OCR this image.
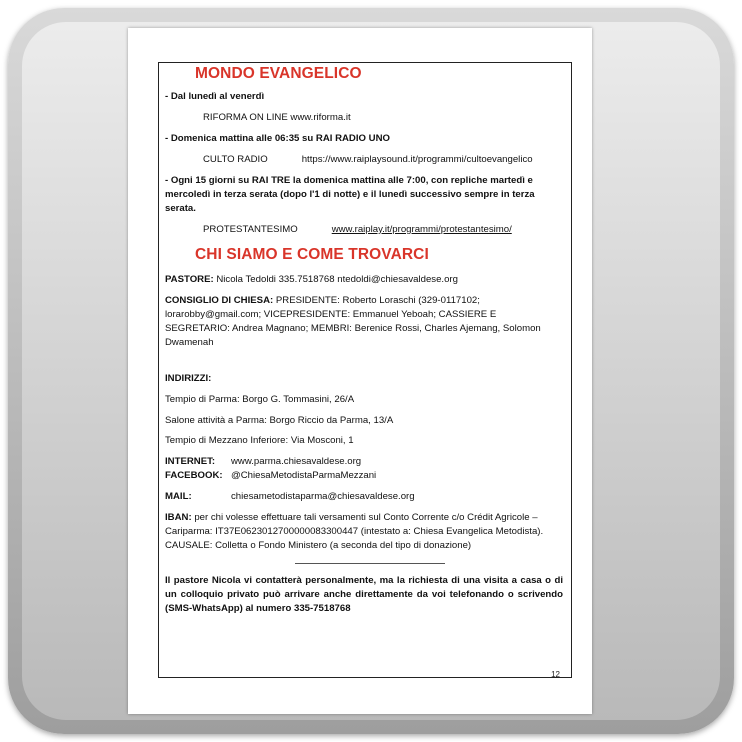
MONDO EVANGELICO

- Dal lunedì al venerdì

RIFORMA ON LINE www.riforma.it

- Domenica mattina alle 06:35 su RAI RADIO UNO

CULTO RADIO	https://www.raiplaysound.it/programmi/cultoevangelico

- Ogni 15 giorni su RAI TRE la domenica mattina alle 7:00, con repliche martedì e mercoledì in terza serata (dopo l'1 di notte) e il lunedì successivo sempre in terza serata.

PROTESTANTESIMO	www.raiplay.it/programmi/protestantesimo/

CHI SIAMO E COME TROVARCI

PASTORE: Nicola Tedoldi 335.7518768 ntedoldi@chiesavaldese.org

CONSIGLIO DI CHIESA: PRESIDENTE: Roberto Loraschi (329-0117102; lorarobby@gmail.com; VICEPRESIDENTE: Emmanuel Yeboah; CASSIERE E SEGRETARIO: Andrea Magnano; MEMBRI: Berenice Rossi, Charles Ajemang, Solomon Dwamenah

INDIRIZZI:

Tempio di Parma: Borgo G. Tommasini, 26/A

Salone attività a Parma: Borgo Riccio da Parma, 13/A

Tempio di Mezzano Inferiore: Via Mosconi, 1

INTERNET: www.parma.chiesavaldese.org

FACEBOOK: @ChiesaMetodistaParmaMezzani

MAIL:	chiesametodistaparma@chiesavaldese.org

IBAN: per chi volesse effettuare tali versamenti sul Conto Corrente c/o Crédit Agricole – Cariparma: IT37E0623012700000083300447 (intestato a: Chiesa Evangelica Metodista). CAUSALE: Colletta o Fondo Ministero (a seconda del tipo di donazione)

Il pastore Nicola vi contatterà personalmente, ma la richiesta di una visita a casa o di un colloquio privato può arrivare anche direttamente da voi telefonando o scrivendo (SMS-WhatsApp) al numero 335-7518768

12
